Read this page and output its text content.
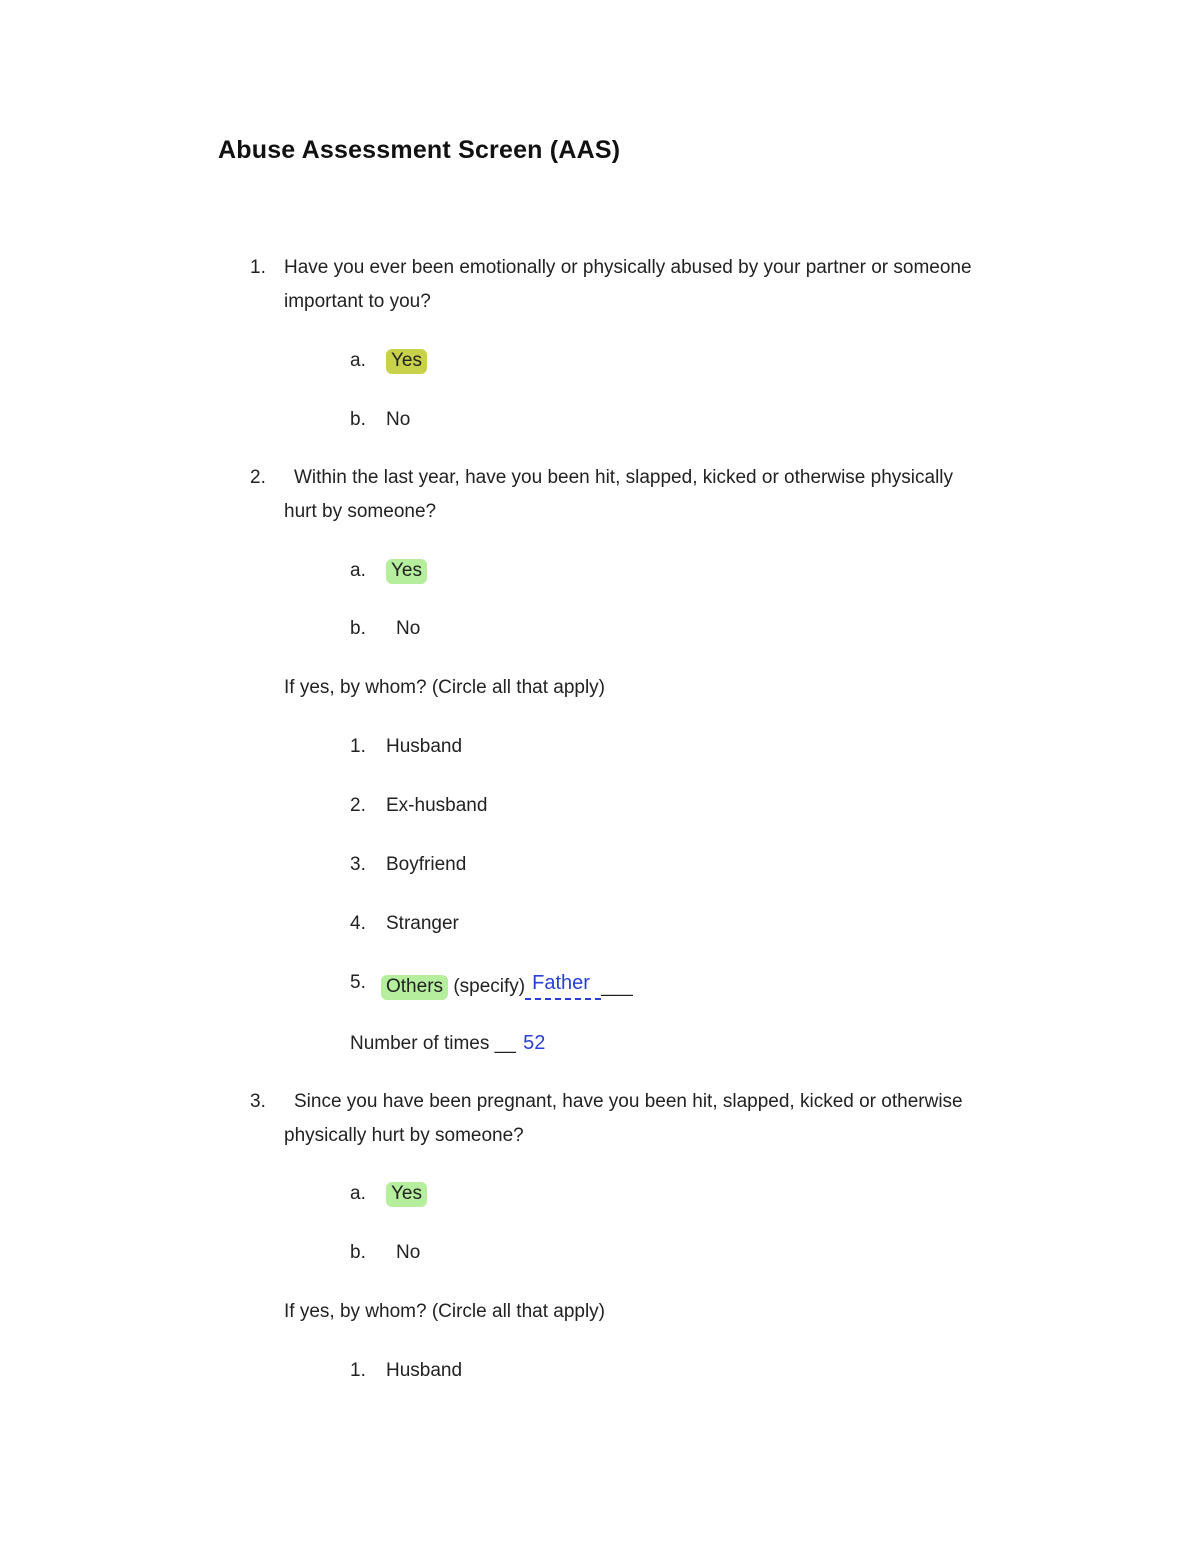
Abuse Assessment Screen (AAS)
1. Have you ever been emotionally or physically abused by your partner or someone
important to you?
a. Yes
b. No
2. Within the last year, have you been hit, slapped, kicked or otherwise physically
hurt by someone?
a. Yes
b. No
If yes, by whom? (Circle all that apply)
1. Husband
2. Ex-husband
3. Boyfriend
4. Stranger
5. Others (specify) Father ___
Number of times __ 52
3. Since you have been pregnant, have you been hit, slapped, kicked or otherwise
physically hurt by someone?
a. Yes
b. No
If yes, by whom? (Circle all that apply)
1. Husband
